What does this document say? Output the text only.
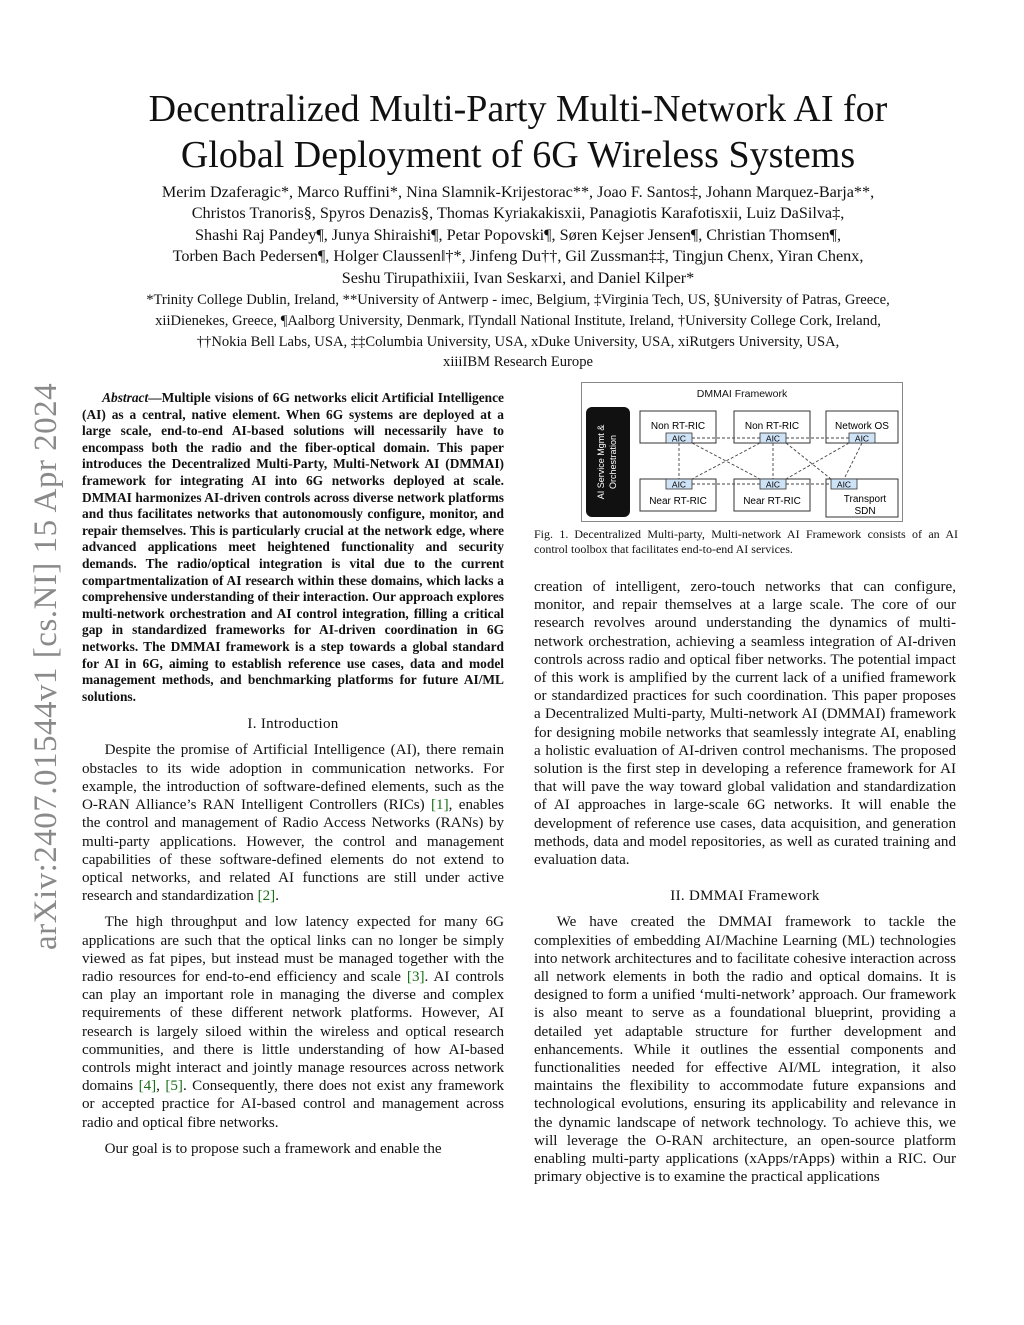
arXiv:2407.01544v1 [cs.NI] 15 Apr 2024
Decentralized Multi-Party Multi-Network AI for
Global Deployment of 6G Wireless Systems
Merim Dzaferagic*, Marco Ruffini*, Nina Slamnik-Krijestorac**, Joao F. Santos‡, Johann Marquez-Barja**,
Christos Tranoris§, Spyros Denazis§, Thomas Kyriakakisxii, Panagiotis Karafotisxii, Luiz DaSilva‡,
Shashi Raj Pandey¶, Junya Shiraishi¶, Petar Popovski¶, Søren Kejser Jensen¶, Christian Thomsen¶,
Torben Bach Pedersen¶, Holger Claussen‖†*, Jinfeng Du††, Gil Zussman‡‡, Tingjun Chenx, Yiran Chenx,
Seshu Tirupathixiii, Ivan Seskarxi, and Daniel Kilper*
*Trinity College Dublin, Ireland, **University of Antwerp - imec, Belgium, ‡Virginia Tech, US, §University of Patras, Greece,
xiiDienekes, Greece, ¶Aalborg University, Denmark, ‖Tyndall National Institute, Ireland, †University College Cork, Ireland,
††Nokia Bell Labs, USA, ‡‡Columbia University, USA, xDuke University, USA, xiRutgers University, USA,
xiiiIBM Research Europe

Abstract—Multiple visions of 6G networks elicit Artificial Intelligence (AI) as a central, native element. When 6G systems are deployed at a large scale, end-to-end AI-based solutions will necessarily have to encompass both the radio and the fiber-optical domain. This paper introduces the Decentralized Multi-Party, Multi-Network AI (DMMAI) framework for integrating AI into 6G networks deployed at scale. DMMAI harmonizes AI-driven controls across diverse network platforms and thus facilitates networks that autonomously configure, monitor, and repair themselves. This is particularly crucial at the network edge, where advanced applications meet heightened functionality and security demands. The radio/optical integration is vital due to the current compartmentalization of AI research within these domains, which lacks a comprehensive understanding of their interaction. Our approach explores multi-network orchestration and AI control integration, filling a critical gap in standardized frameworks for AI-driven coordination in 6G networks. The DMMAI framework is a step towards a global standard for AI in 6G, aiming to establish reference use cases, data and model management methods, and benchmarking platforms for future AI/ML solutions.

I. Introduction

Despite the promise of Artificial Intelligence (AI), there remain obstacles to its wide adoption in communication networks. For example, the introduction of software-defined elements, such as the O-RAN Alliance’s RAN Intelligent Controllers (RICs) [1], enables the control and management of Radio Access Networks (RANs) by multi-party applications. However, the control and management capabilities of these software-defined elements do not extend to optical networks, and related AI functions are still under active research and standardization [2].

The high throughput and low latency expected for many 6G applications are such that the optical links can no longer be simply viewed as fat pipes, but instead must be managed together with the radio resources for end-to-end efficiency and scale [3]. AI controls can play an important role in managing the diverse and complex requirements of these different network platforms. However, AI research is largely siloed within the wireless and optical research communities, and there is little understanding of how AI-based controls might interact and jointly manage resources across network domains [4], [5]. Consequently, there does not exist any framework or accepted practice for AI-based control and management across radio and optical fibre networks.

Our goal is to propose such a framework and enable the

DMMAI Framework
AI Service Mgmt & Orchestration
Non RT-RIC	Non RT-RIC	Network OS
AIC	AIC	AIC
AIC	AIC	AIC
Near RT-RIC	Near RT-RIC	Transport
SDN
Fig. 1. Decentralized Multi-party, Multi-network AI Framework consists of an AI control toolbox that facilitates end-to-end AI services.

creation of intelligent, zero-touch networks that can configure, monitor, and repair themselves at a large scale. The core of our research revolves around understanding the dynamics of multi-network orchestration, achieving a seamless integration of AI-driven controls across radio and optical fiber networks. The potential impact of this work is amplified by the current lack of a unified framework or standardized practices for such coordination. This paper proposes a Decentralized Multi-party, Multi-network AI (DMMAI) framework for designing mobile networks that seamlessly integrate AI, enabling a holistic evaluation of AI-driven control mechanisms. The proposed solution is the first step in developing a reference framework for AI that will pave the way toward global validation and standardization of AI approaches in large-scale 6G networks. It will enable the development of reference use cases, data acquisition, and generation methods, data and model repositories, as well as curated training and evaluation data.

II. DMMAI Framework

We have created the DMMAI framework to tackle the complexities of embedding AI/Machine Learning (ML) technologies into network architectures and to facilitate cohesive interaction across all network elements in both the radio and optical domains. It is designed to form a unified ‘multi-network’ approach. Our framework is also meant to serve as a foundational blueprint, providing a detailed yet adaptable structure for further development and enhancements. While it outlines the essential components and functionalities needed for effective AI/ML integration, it also maintains the flexibility to accommodate future expansions and technological evolutions, ensuring its applicability and relevance in the dynamic landscape of network technology. To achieve this, we will leverage the O-RAN architecture, an open-source platform enabling multi-party applications (xApps/rApps) within a RIC. Our primary objective is to examine the practical applications
